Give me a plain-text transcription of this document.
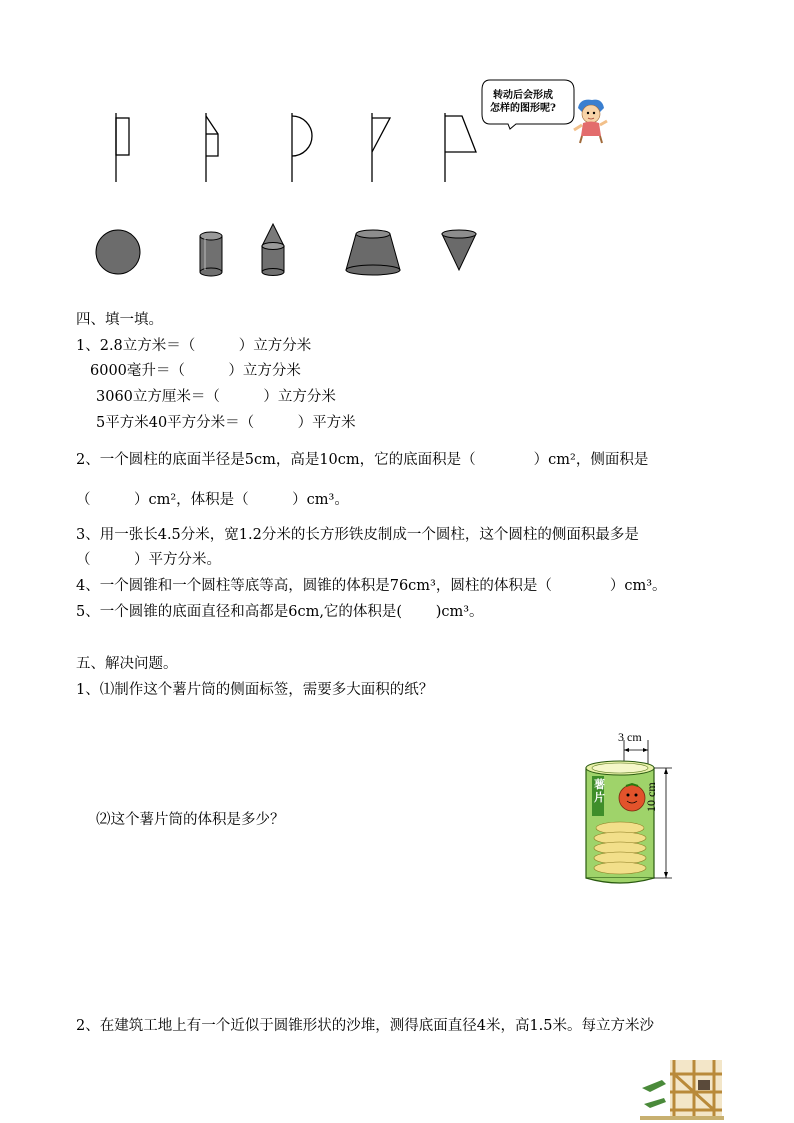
转动后会形成
怎样的图形呢?
四、填一填。
1、2.8立方米＝（　　　）立方分米
6000毫升＝（　　　）立方分米
3060立方厘米＝（　　　）立方分米
5平方米40平方分米＝（　　　）平方米
2、一个圆柱的底面半径是5cm，高是10cm，它的底面积是（　　　　）cm²，侧面积是
（　　　）cm²，体积是（　　　）cm³。
3、用一张长4.5分米，宽1.2分米的长方形铁皮制成一个圆柱，这个圆柱的侧面积最多是
（　　　）平方分米。
4、一个圆锥和一个圆柱等底等高，圆锥的体积是76cm³，圆柱的体积是（　　　　）cm³。
5、一个圆锥的底面直径和高都是6cm,它的体积是(　　 )cm³。
五、解决问题。
1、⑴制作这个薯片筒的侧面标签，需要多大面积的纸？
⑵这个薯片筒的体积是多少？
3 cm
10 cm
薯片
2、在建筑工地上有一个近似于圆锥形状的沙堆，测得底面直径4米，高1.5米。每立方米沙
